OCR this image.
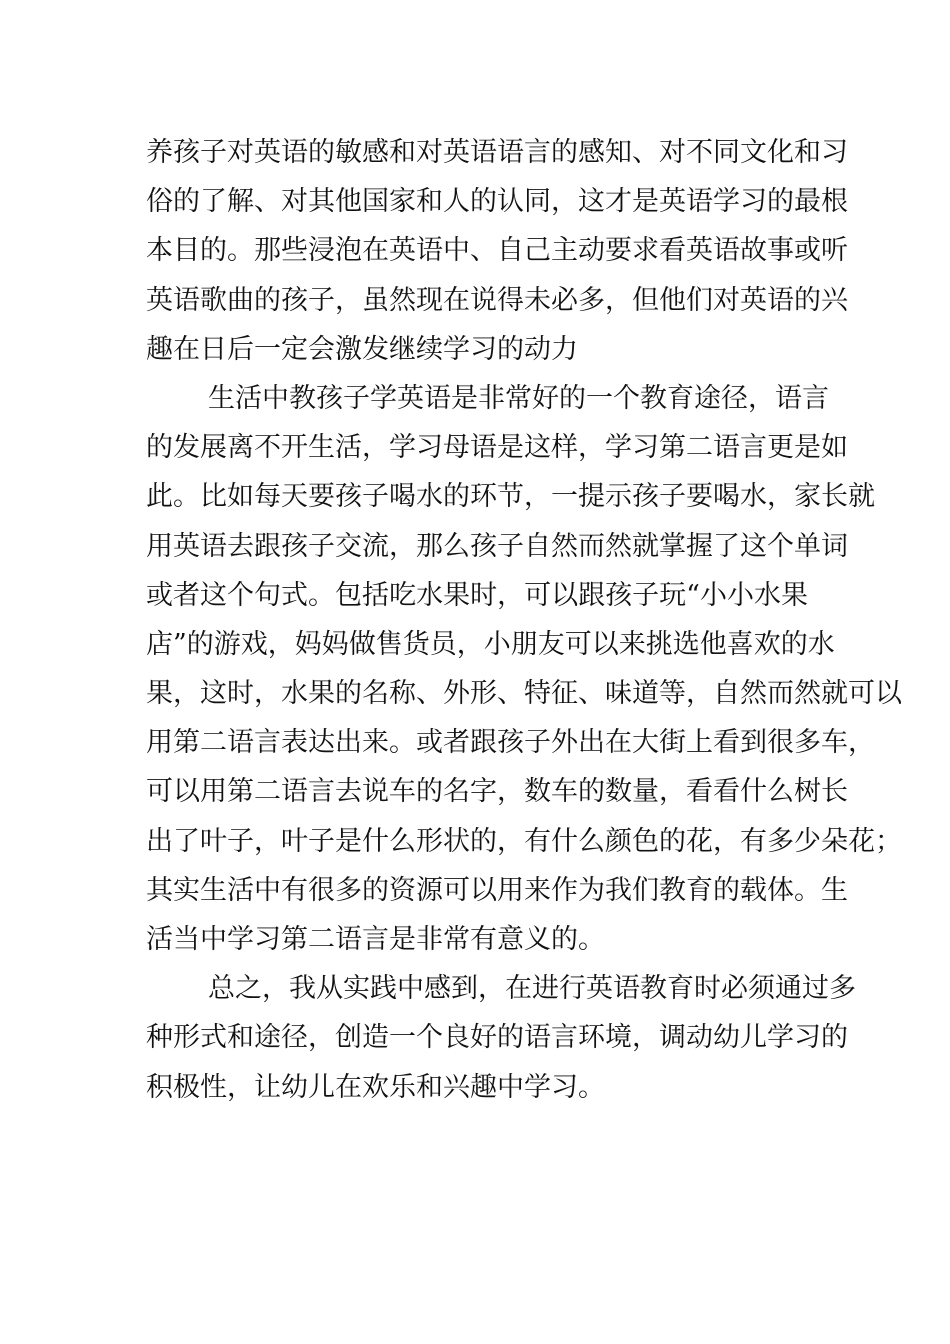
养孩子对英语的敏感和对英语语言的感知、对不同文化和习
俗的了解、对其他国家和人的认同，这才是英语学习的最根
本目的。那些浸泡在英语中、自己主动要求看英语故事或听
英语歌曲的孩子，虽然现在说得未必多，但他们对英语的兴
趣在日后一定会激发继续学习的动力
生活中教孩子学英语是非常好的一个教育途径，语言
的发展离不开生活，学习母语是这样，学习第二语言更是如
此。比如每天要孩子喝水的环节，一提示孩子要喝水，家长就
用英语去跟孩子交流，那么孩子自然而然就掌握了这个单词
或者这个句式。包括吃水果时，可以跟孩子玩“小小水果
店”的游戏，妈妈做售货员，小朋友可以来挑选他喜欢的水
果，这时，水果的名称、外形、特征、味道等，自然而然就可以
用第二语言表达出来。或者跟孩子外出在大街上看到很多车，
可以用第二语言去说车的名字，数车的数量，看看什么树长
出了叶子，叶子是什么形状的，有什么颜色的花，有多少朵花；
其实生活中有很多的资源可以用来作为我们教育的载体。生
活当中学习第二语言是非常有意义的。
总之，我从实践中感到，在进行英语教育时必须通过多
种形式和途径，创造一个良好的语言环境，调动幼儿学习的
积极性，让幼儿在欢乐和兴趣中学习。
